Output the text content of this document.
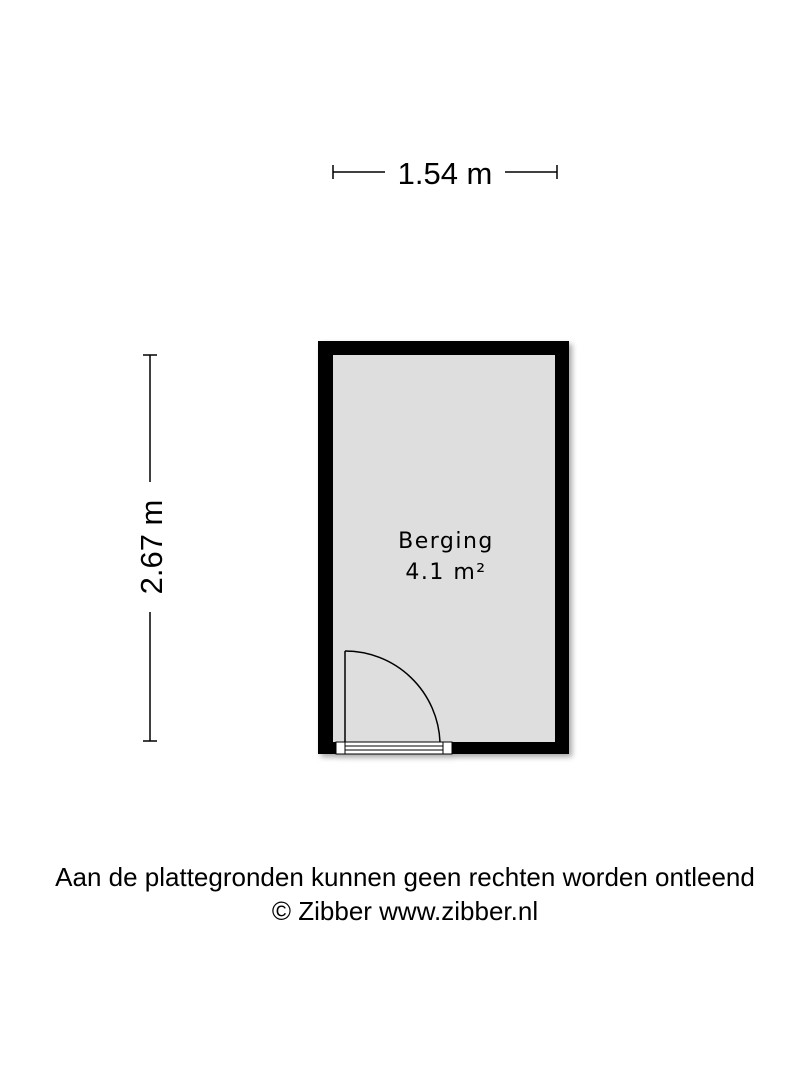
1.54 m
2.67 m	Berging
4.1 m²
Aan de plattegronden kunnen geen rechten worden ontleend
© Zibber www.zibber.nl
